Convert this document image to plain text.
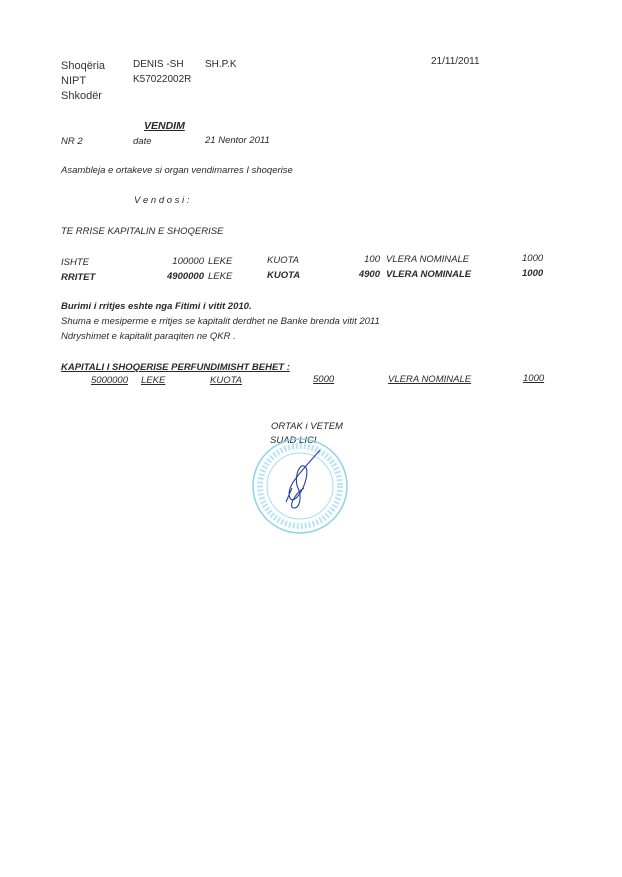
Shoqëria	DENIS -SH SH.P.K	21/11/2011
NIPT	K57022002R
Shkodër
VENDIM
NR 2	date	21 Nentor 2011
Asambleja e ortakeve si organ vendimarres I shoqerise
V e n d o s i :
TE RRISE KAPITALIN E SHOQERISE
ISHTE	100000 LEKE	KUOTA	100 VLERA NOMINALE	1000
RRITET	4900000 LEKE	KUOTA	4900 VLERA NOMINALE	1000
Burimi i rritjes eshte nga Fitimi i vitit 2010.
Shuma e mesiperme e rritjes se kapitalit derdhet ne Banke brenda vitit 2011
Ndryshimet e kapitalit paraqiten ne QKR .
KAPITALI I SHOQERISE PERFUNDIMISHT BEHET :
5000000 LEKE	KUOTA	5000	VLERA NOMINALE	1000
ORTAK i VETEM
SUAD LICI
